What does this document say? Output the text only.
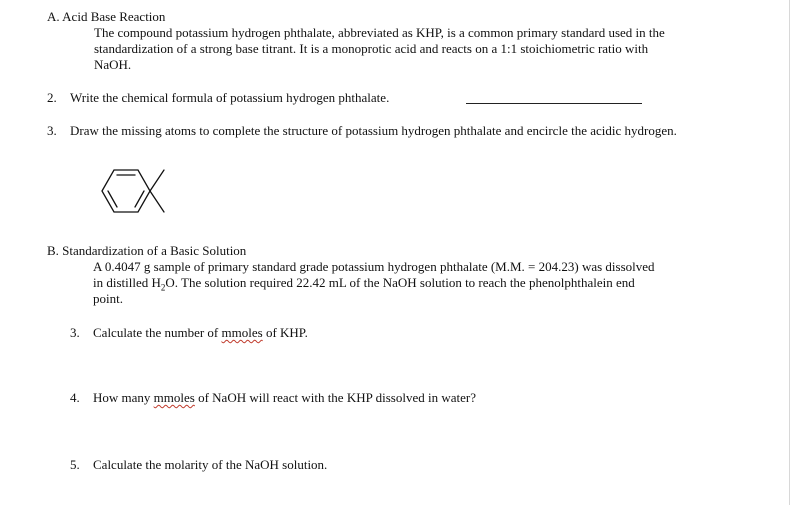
A. Acid Base Reaction
The compound potassium hydrogen phthalate, abbreviated as KHP, is a common primary standard used in the
standardization of a strong base titrant. It is a monoprotic acid and reacts on a 1:1 stoichiometric ratio with
NaOH.
2. Write the chemical formula of potassium hydrogen phthalate.
3. Draw the missing atoms to complete the structure of potassium hydrogen phthalate and encircle the acidic hydrogen.
B. Standardization of a Basic Solution
A 0.4047 g sample of primary standard grade potassium hydrogen phthalate (M.M. = 204.23) was dissolved
in distilled $H_2O$. The solution required 22.42 mL of the NaOH solution to reach the phenolphthalein end
point.
3. Calculate the number of mmoles of KHP.
4. How many mmoles of NaOH will react with the KHP dissolved in water?
5. Calculate the molarity of the NaOH solution.
